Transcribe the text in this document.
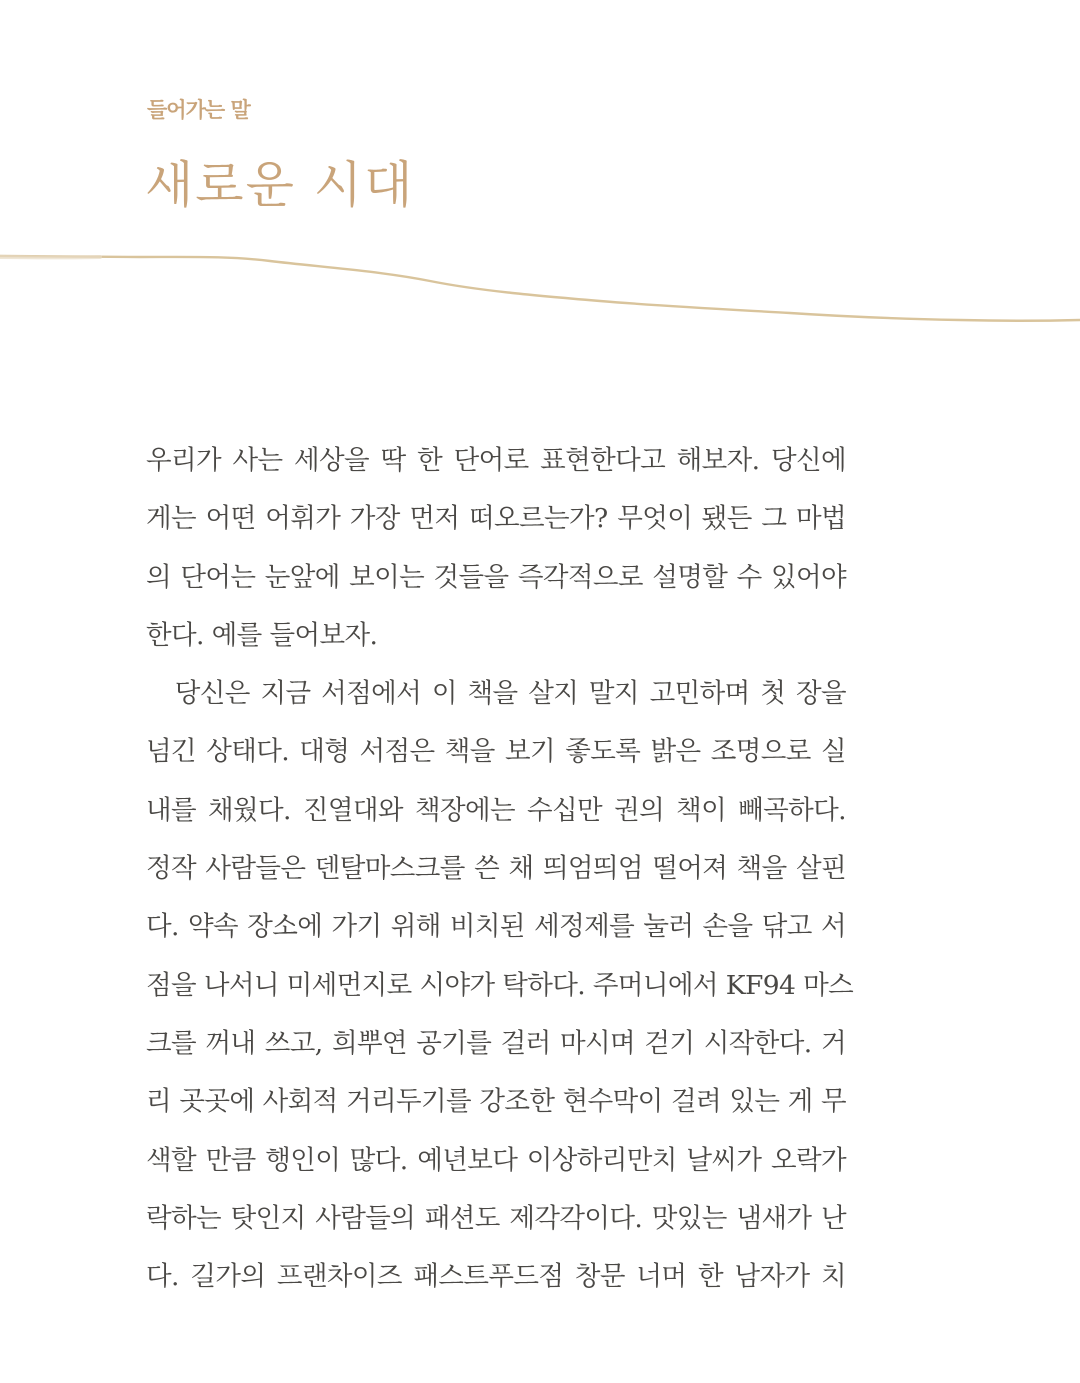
들어가는 말
새로운 시대
우리가 사는 세상을 딱 한 단어로 표현한다고 해보자. 당신에
게는 어떤 어휘가 가장 먼저 떠오르는가? 무엇이 됐든 그 마법
의 단어는 눈앞에 보이는 것들을 즉각적으로 설명할 수 있어야
한다. 예를 들어보자.
　당신은 지금 서점에서 이 책을 살지 말지 고민하며 첫 장을
넘긴 상태다. 대형 서점은 책을 보기 좋도록 밝은 조명으로 실
내를 채웠다. 진열대와 책장에는 수십만 권의 책이 빼곡하다.
정작 사람들은 덴탈마스크를 쓴 채 띄엄띄엄 떨어져 책을 살핀
다. 약속 장소에 가기 위해 비치된 세정제를 눌러 손을 닦고 서
점을 나서니 미세먼지로 시야가 탁하다. 주머니에서 KF94 마스
크를 꺼내 쓰고, 희뿌연 공기를 걸러 마시며 걷기 시작한다. 거
리 곳곳에 사회적 거리두기를 강조한 현수막이 걸려 있는 게 무
색할 만큼 행인이 많다. 예년보다 이상하리만치 날씨가 오락가
락하는 탓인지 사람들의 패션도 제각각이다. 맛있는 냄새가 난
다. 길가의 프랜차이즈 패스트푸드점 창문 너머 한 남자가 치
